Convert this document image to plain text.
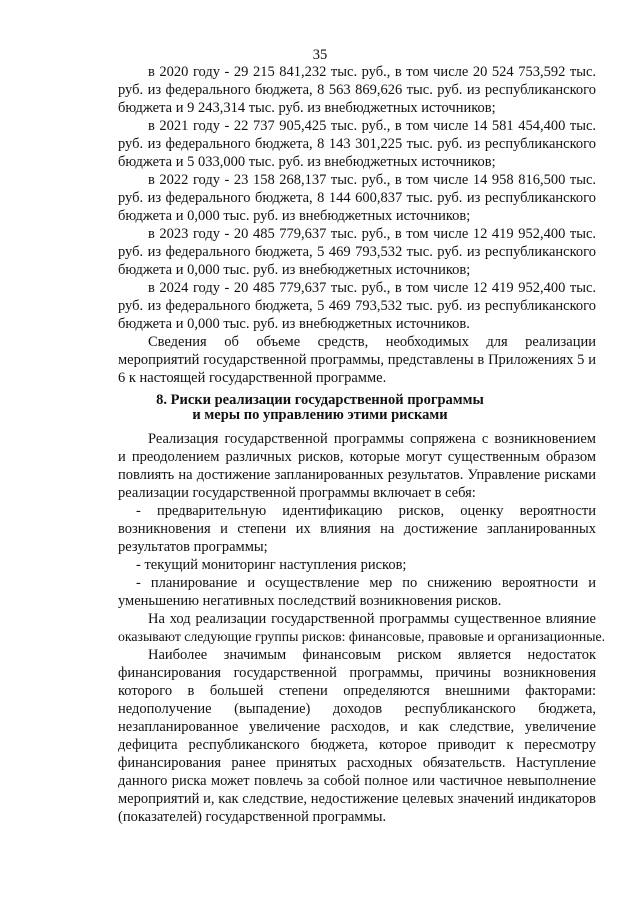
35
в 2020 году - 29 215 841,232 тыс. руб., в том числе 20 524 753,592 тыс.
руб. из федерального бюджета, 8 563 869,626 тыс. руб. из республиканского
бюджета и 9 243,314 тыс. руб. из внебюджетных источников;
в 2021 году - 22 737 905,425 тыс. руб., в том числе 14 581 454,400 тыс.
руб. из федерального бюджета, 8 143 301,225 тыс. руб. из республиканского
бюджета и 5 033,000 тыс. руб. из внебюджетных источников;
в 2022 году - 23 158 268,137 тыс. руб., в том числе 14 958 816,500 тыс.
руб. из федерального бюджета, 8 144 600,837 тыс. руб. из республиканского
бюджета и 0,000 тыс. руб. из внебюджетных источников;
в 2023 году - 20 485 779,637 тыс. руб., в том числе 12 419 952,400 тыс.
руб. из федерального бюджета, 5 469 793,532 тыс. руб. из республиканского
бюджета и 0,000 тыс. руб. из внебюджетных источников;
в 2024 году - 20 485 779,637 тыс. руб., в том числе 12 419 952,400 тыс.
руб. из федерального бюджета, 5 469 793,532 тыс. руб. из республиканского
бюджета и 0,000 тыс. руб. из внебюджетных источников.
Сведения об объеме средств, необходимых для реализации
мероприятий государственной программы, представлены в Приложениях 5 и
6 к настоящей государственной программе.
8. Риски реализации государственной программы
и меры по управлению этими рисками
Реализация государственной программы сопряжена с возникновением
и преодолением различных рисков, которые могут существенным образом
повлиять на достижение запланированных результатов. Управление рисками
реализации государственной программы включает в себя:
- предварительную идентификацию рисков, оценку вероятности
возникновения и степени их влияния на достижение запланированных
результатов программы;
- текущий мониторинг наступления рисков;
- планирование и осуществление мер по снижению вероятности и
уменьшению негативных последствий возникновения рисков.
На ход реализации государственной программы существенное влияние
оказывают следующие группы рисков: финансовые, правовые и организационные.
Наиболее значимым финансовым риском является недостаток
финансирования государственной программы, причины возникновения
которого в большей степени определяются внешними факторами:
недополучение (выпадение) доходов республиканского бюджета,
незапланированное увеличение расходов, и как следствие, увеличение
дефицита республиканского бюджета, которое приводит к пересмотру
финансирования ранее принятых расходных обязательств. Наступление
данного риска может повлечь за собой полное или частичное невыполнение
мероприятий и, как следствие, недостижение целевых значений индикаторов
(показателей) государственной программы.
